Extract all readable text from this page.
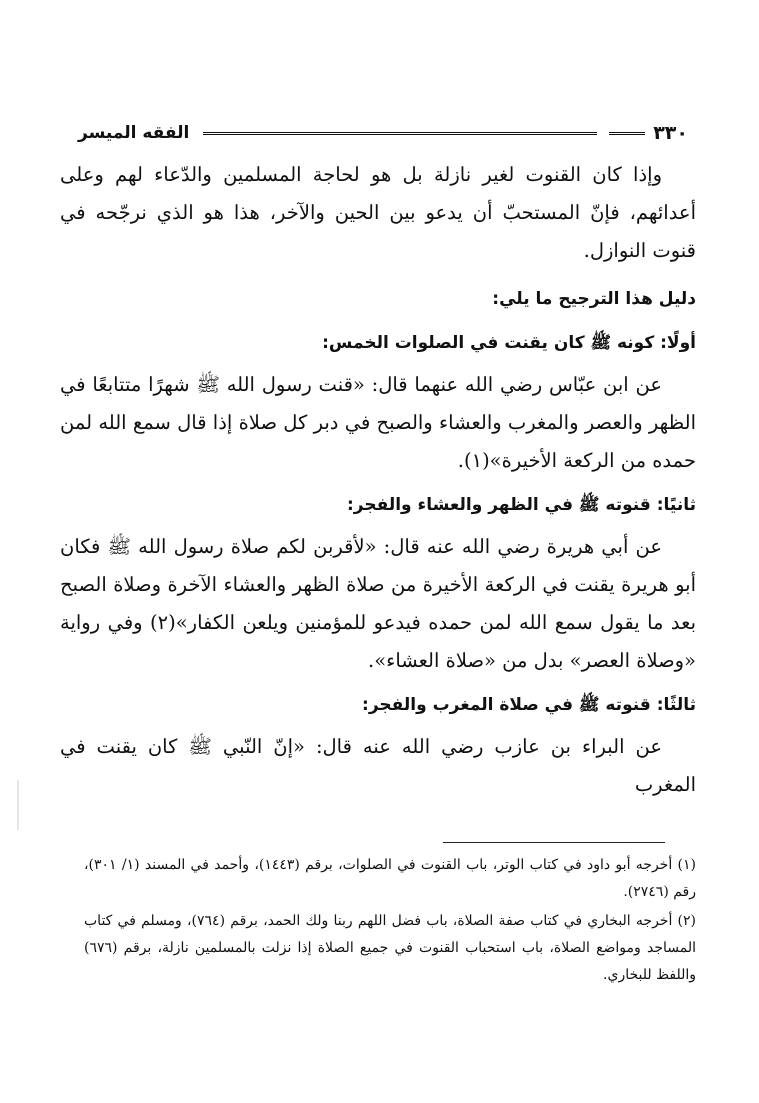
٣٣٠
الفقه الميسر

وإذا كان القنوت لغير نازلة بل هو لحاجة المسلمين والدّعاء لهم وعلى أعدائهم، فإنّ المستحبّ أن يدعو بين الحين والآخر، هذا هو الذي نرجّحه في قنوت النوازل.

دليل هذا الترجيح ما يلي:

أولًا: كونه ﷺ كان يقنت في الصلوات الخمس:

عن ابن عبّاس رضي الله عنهما قال: «قنت رسول الله ﷺ شهرًا متتابعًا في الظهر والعصر والمغرب والعشاء والصبح في دبر كل صلاة إذا قال سمع الله لمن حمده من الركعة الأخيرة»(١).

ثانيًا: قنوته ﷺ في الظهر والعشاء والفجر:

عن أبي هريرة رضي الله عنه قال: «لأقربن لكم صلاة رسول الله ﷺ فكان أبو هريرة يقنت في الركعة الأخيرة من صلاة الظهر والعشاء الآخرة وصلاة الصبح بعد ما يقول سمع الله لمن حمده فيدعو للمؤمنين ويلعن الكفار»(٢) وفي رواية «وصلاة العصر» بدل من «صلاة العشاء».

ثالثًا: قنوته ﷺ في صلاة المغرب والفجر:

عن البراء بن عازب رضي الله عنه قال: «إنّ النّبي ﷺ كان يقنت في المغرب

(١) أخرجه أبو داود في كتاب الوتر، باب القنوت في الصلوات، برقم (١٤٤٣)، وأحمد في المسند (١/ ٣٠١)، رقم (٢٧٤٦).

(٢) أخرجه البخاري في كتاب صفة الصلاة، باب فضل اللهم ربنا ولك الحمد، برقم (٧٦٤)، ومسلم في كتاب المساجد ومواضع الصلاة، باب استحباب القنوت في جميع الصلاة إذا نزلت بالمسلمين نازلة، برقم (٦٧٦) واللفظ للبخاري.
